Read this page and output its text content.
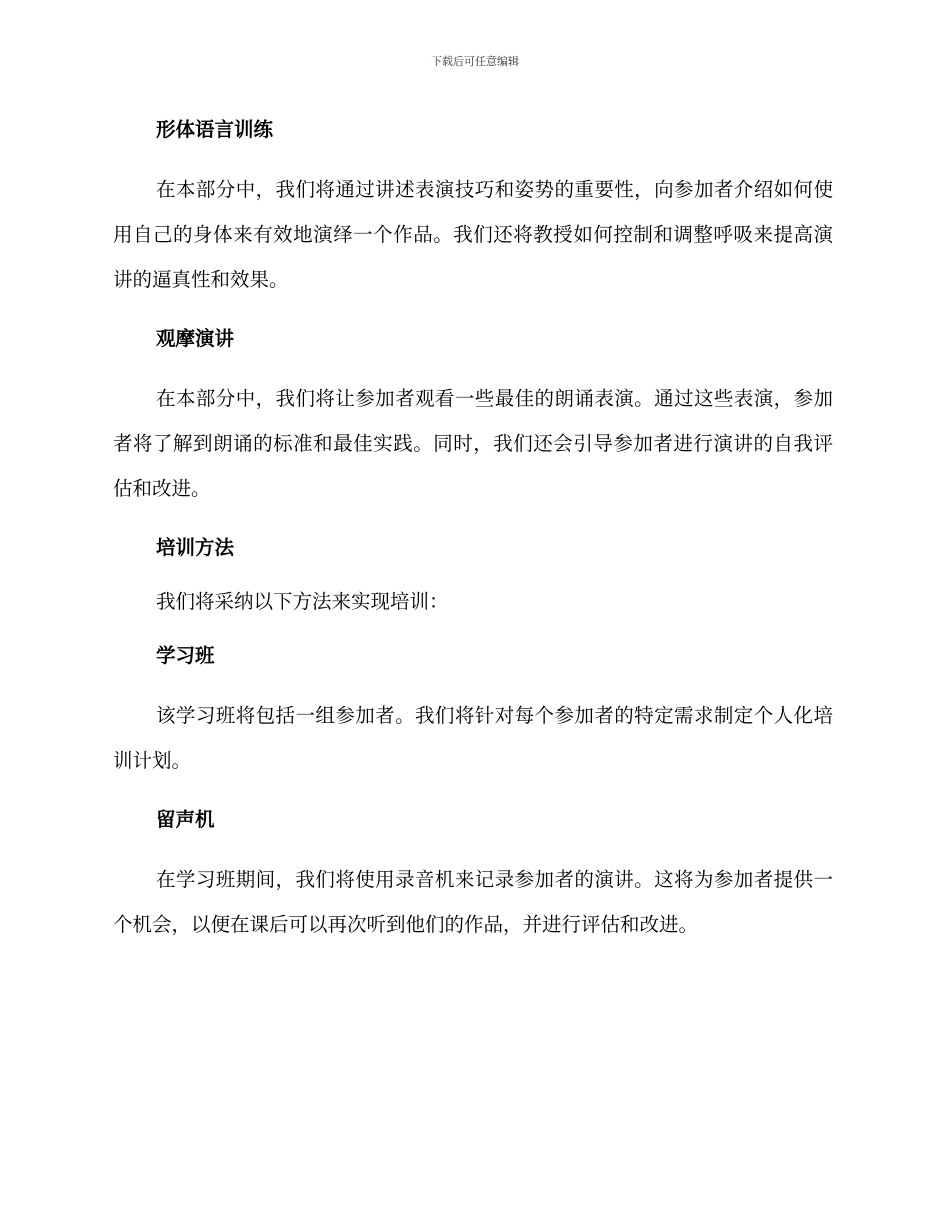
下载后可任意编辑
形体语言训练

在本部分中，我们将通过讲述表演技巧和姿势的重要性，向参加者介绍如何使用自己的身体来有效地演绎一个作品。我们还将教授如何控制和调整呼吸来提高演讲的逼真性和效果。

观摩演讲

在本部分中，我们将让参加者观看一些最佳的朗诵表演。通过这些表演，参加者将了解到朗诵的标准和最佳实践。同时，我们还会引导参加者进行演讲的自我评估和改进。

培训方法

我们将采纳以下方法来实现培训：

学习班

该学习班将包括一组参加者。我们将针对每个参加者的特定需求制定个人化培训计划。

留声机

在学习班期间，我们将使用录音机来记录参加者的演讲。这将为参加者提供一个机会，以便在课后可以再次听到他们的作品，并进行评估和改进。
